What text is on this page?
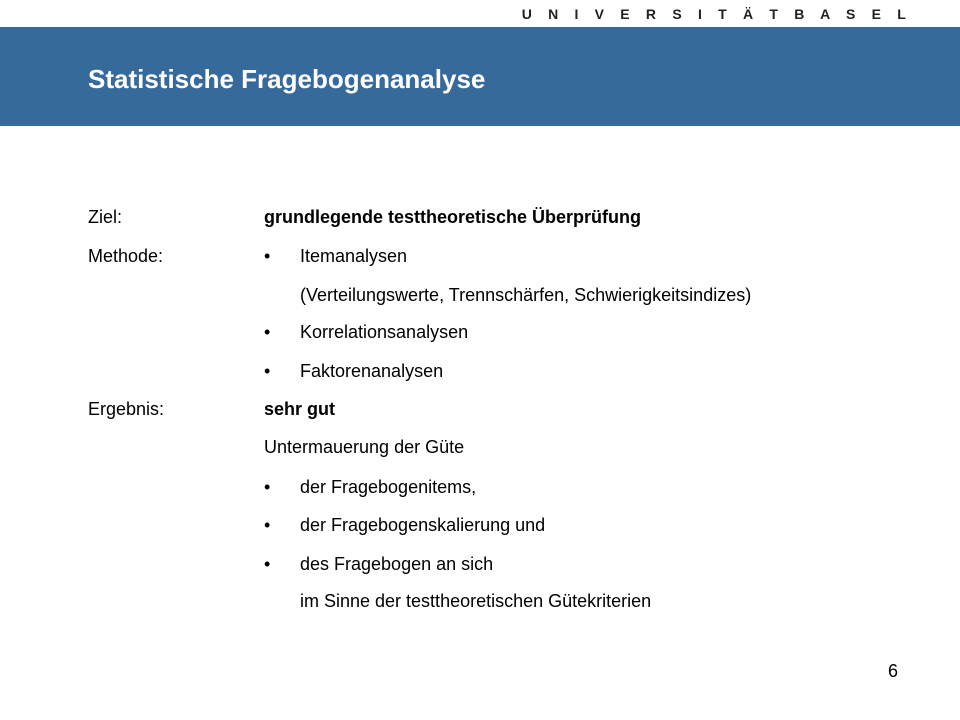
U N I V E R S I T Ä T B A S E L
Statistische Fragebogenanalyse
Ziel:	grundlegende testtheoretische Überprüfung
Methode:	• Itemanalysen
(Verteilungswerte, Trennschärfen, Schwierigkeitsindizes)
• Korrelationsanalysen
• Faktorenanalysen
Ergebnis:	sehr gut
Untermauerung der Güte
• der Fragebogenitems,
• der Fragebogenskalierung und
• des Fragebogen an sich
im Sinne der testtheoretischen Gütekriterien
6
